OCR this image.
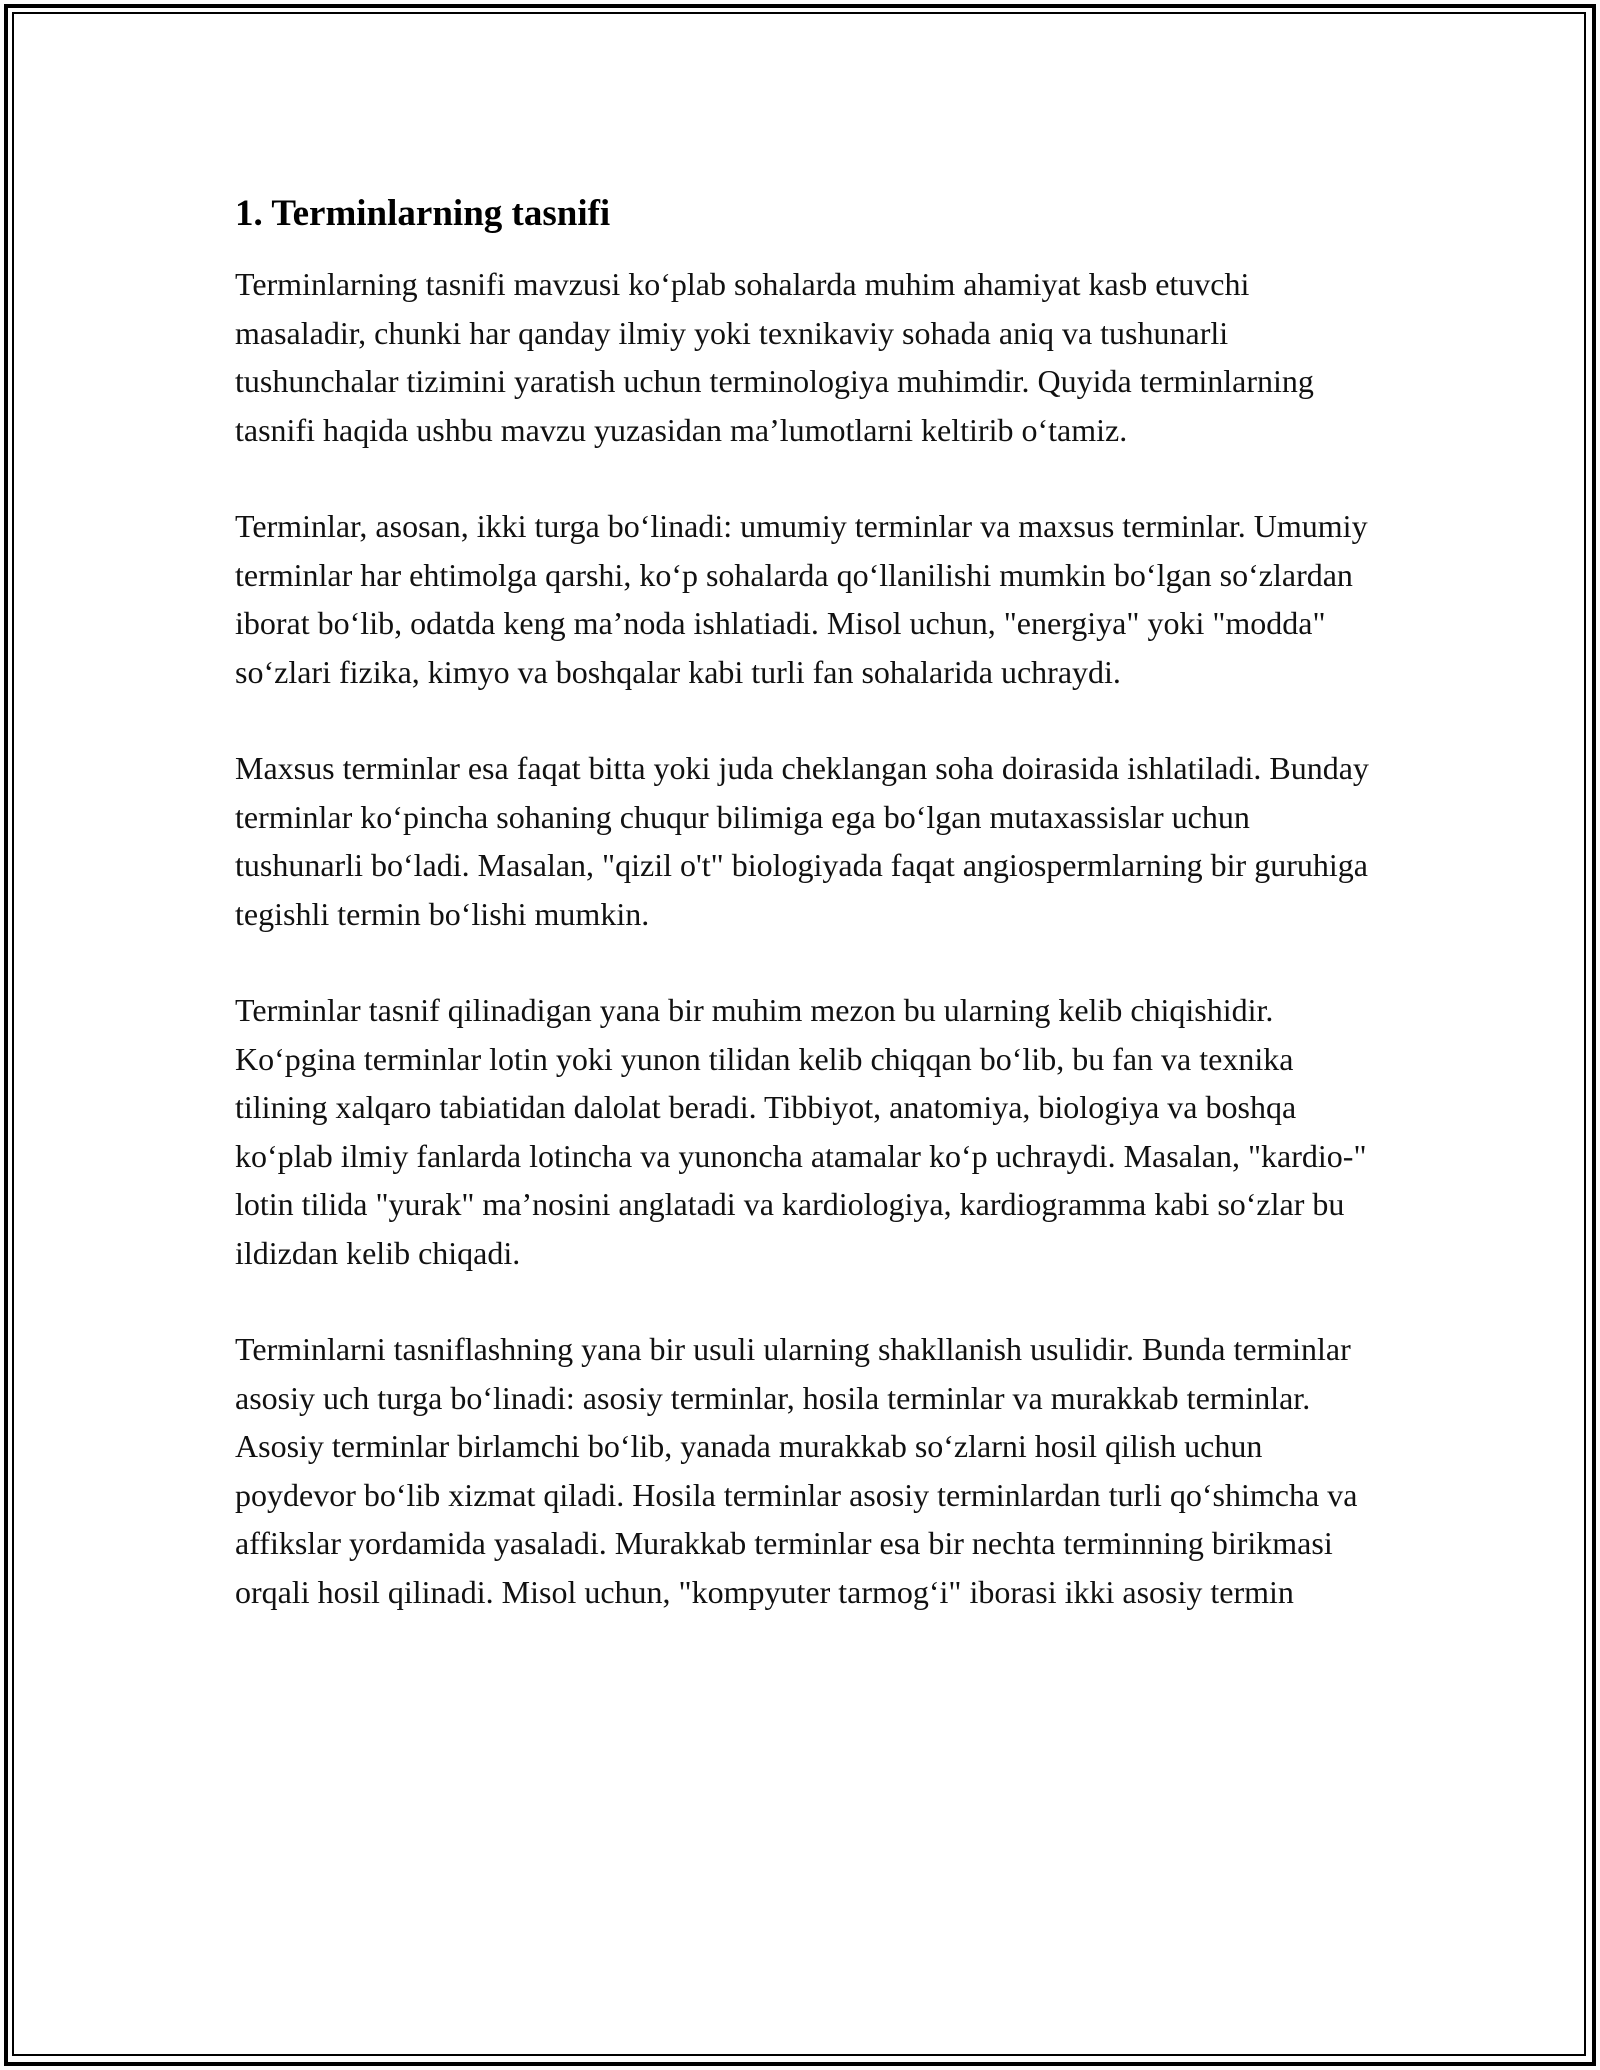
1. Terminlarning tasnifi

Terminlarning tasnifi mavzusi ko‘plab sohalarda muhim ahamiyat kasb etuvchi masaladir, chunki har qanday ilmiy yoki texnikaviy sohada aniq va tushunarli tushunchalar tizimini yaratish uchun terminologiya muhimdir. Quyida terminlarning tasnifi haqida ushbu mavzu yuzasidan ma’lumotlarni keltirib o‘tamiz.

Terminlar, asosan, ikki turga bo‘linadi: umumiy terminlar va maxsus terminlar. Umumiy terminlar har ehtimolga qarshi, ko‘p sohalarda qo‘llanilishi mumkin bo‘lgan so‘zlardan iborat bo‘lib, odatda keng ma’noda ishlatiadi. Misol uchun, "energiya" yoki "modda" so‘zlari fizika, kimyo va boshqalar kabi turli fan sohalarida uchraydi.

Maxsus terminlar esa faqat bitta yoki juda cheklangan soha doirasida ishlatiladi. Bunday terminlar ko‘pincha sohaning chuqur bilimiga ega bo‘lgan mutaxassislar uchun tushunarli bo‘ladi. Masalan, "qizil o't" biologiyada faqat angiospermlarning bir guruhiga tegishli termin bo‘lishi mumkin.

Terminlar tasnif qilinadigan yana bir muhim mezon bu ularning kelib chiqishidir. Ko‘pgina terminlar lotin yoki yunon tilidan kelib chiqqan bo‘lib, bu fan va texnika tilining xalqaro tabiatidan dalolat beradi. Tibbiyot, anatomiya, biologiya va boshqa ko‘plab ilmiy fanlarda lotincha va yunoncha atamalar ko‘p uchraydi. Masalan, "kardio-" lotin tilida "yurak" ma’nosini anglatadi va kardiologiya, kardiogramma kabi so‘zlar bu ildizdan kelib chiqadi.

Terminlarni tasniflashning yana bir usuli ularning shakllanish usulidir. Bunda terminlar asosiy uch turga bo‘linadi: asosiy terminlar, hosila terminlar va murakkab terminlar. Asosiy terminlar birlamchi bo‘lib, yanada murakkab so‘zlarni hosil qilish uchun poydevor bo‘lib xizmat qiladi. Hosila terminlar asosiy terminlardan turli qo‘shimcha va affikslar yordamida yasaladi. Murakkab terminlar esa bir nechta terminning birikmasi orqali hosil qilinadi. Misol uchun, "kompyuter tarmog‘i" iborasi ikki asosiy termin
